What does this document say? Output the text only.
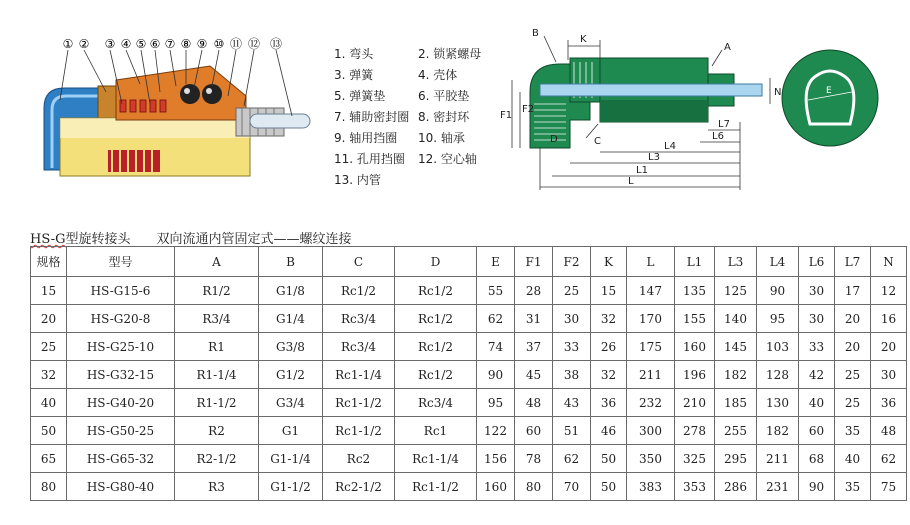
① ② ③ ④ ⑤ ⑥ ⑦ ⑧ ⑨ ⑩ ⑪ ⑫ ⑬
1. 弯头	2. 锁紧螺母
3. 弹簧	4. 壳体
5. 弹簧垫	6. 平胶垫
7. 辅助密封圈 8. 密封环
9. 轴用挡圈 10. 轴承
11. 孔用挡圈 12. 空心轴
13. 内管
B
K
A
N
F1
F2
D	C
L7
L6
L4
L3
L1
L
E
HS-G型旋转接头 双向流通内管固定式——螺纹连接
规格	型号	A	B	C	D	E	F1	F2	K	L	L1	L3	L4	L6	L7	N
15	HS-G15-6	R1/2	G1/8	Rc1/2	Rc1/2	55	28	25	15	147	135	125	90	30	17	12
20	HS-G20-8	R3/4	G1/4	Rc3/4	Rc1/2	62	31	30	32	170	155	140	95	30	20	16
25	HS-G25-10	R1	G3/8	Rc3/4	Rc1/2	74	37	33	26	175	160	145	103	33	20	20
32	HS-G32-15	R1-1/4	G1/2	Rc1-1/4	Rc1/2	90	45	38	32	211	196	182	128	42	25	30
40	HS-G40-20	R1-1/2	G3/4	Rc1-1/2	Rc3/4	95	48	43	36	232	210	185	130	40	25	36
50	HS-G50-25	R2	G1	Rc1-1/2	Rc1	122	60	51	46	300	278	255	182	60	35	48
65	HS-G65-32	R2-1/2	G1-1/4	Rc2	Rc1-1/4	156	78	62	50	350	325	295	211	68	40	62
80	HS-G80-40	R3	G1-1/2	Rc2-1/2	Rc1-1/2	160	80	70	50	383	353	286	231	90	35	75
